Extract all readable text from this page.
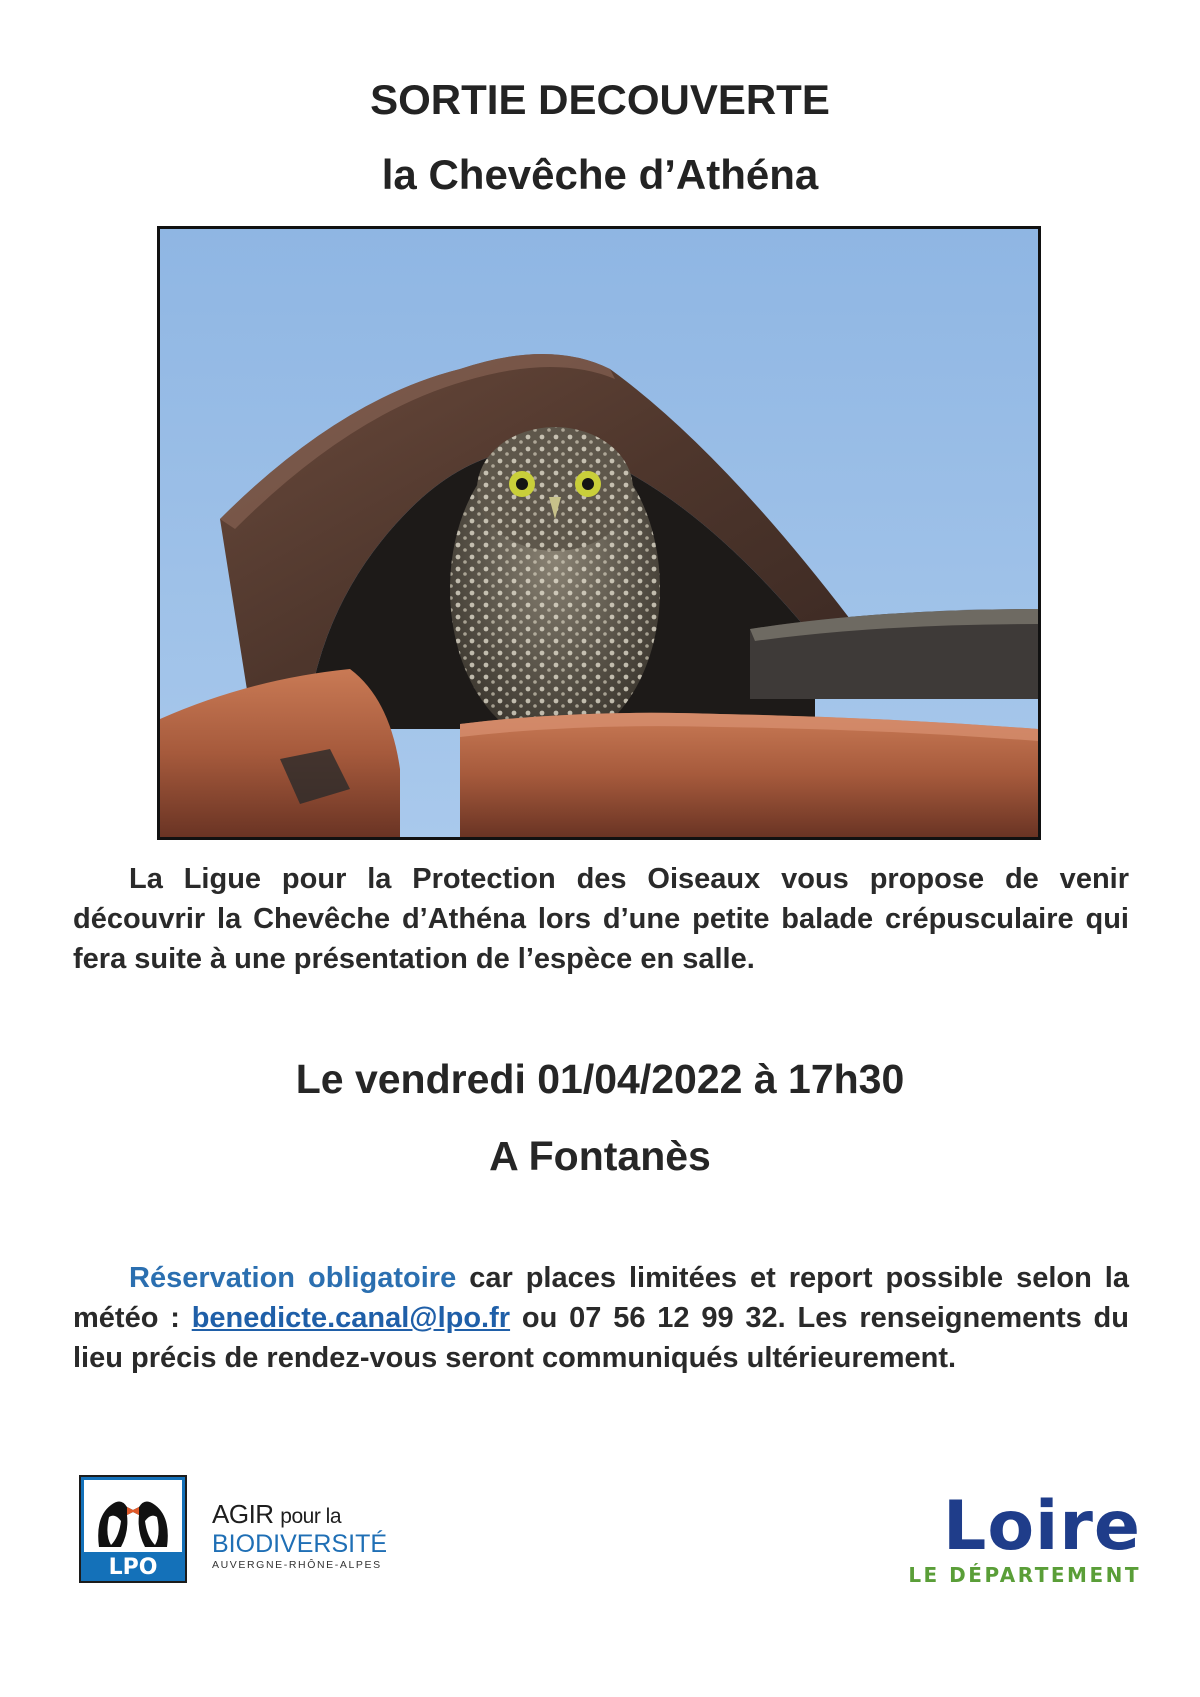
SORTIE DECOUVERTE
la Chevêche d’Athéna

La Ligue pour la Protection des Oiseaux vous propose de venir découvrir la Chevêche d’Athéna lors d’une petite balade crépusculaire qui fera suite à une présentation de l’espèce en salle.

Le vendredi 01/04/2022 à 17h30

A Fontanès

Réservation obligatoire car places limitées et report possible selon la météo : benedicte.canal@lpo.fr ou 07 56 12 99 32. Les renseignements du lieu précis de rendez-vous seront communiqués ultérieurement.

LPO
AGIR pour la
BIODIVERSITÉ
AUVERGNE-RHÔNE-ALPES	Loire
LE DÉPARTEMENT
